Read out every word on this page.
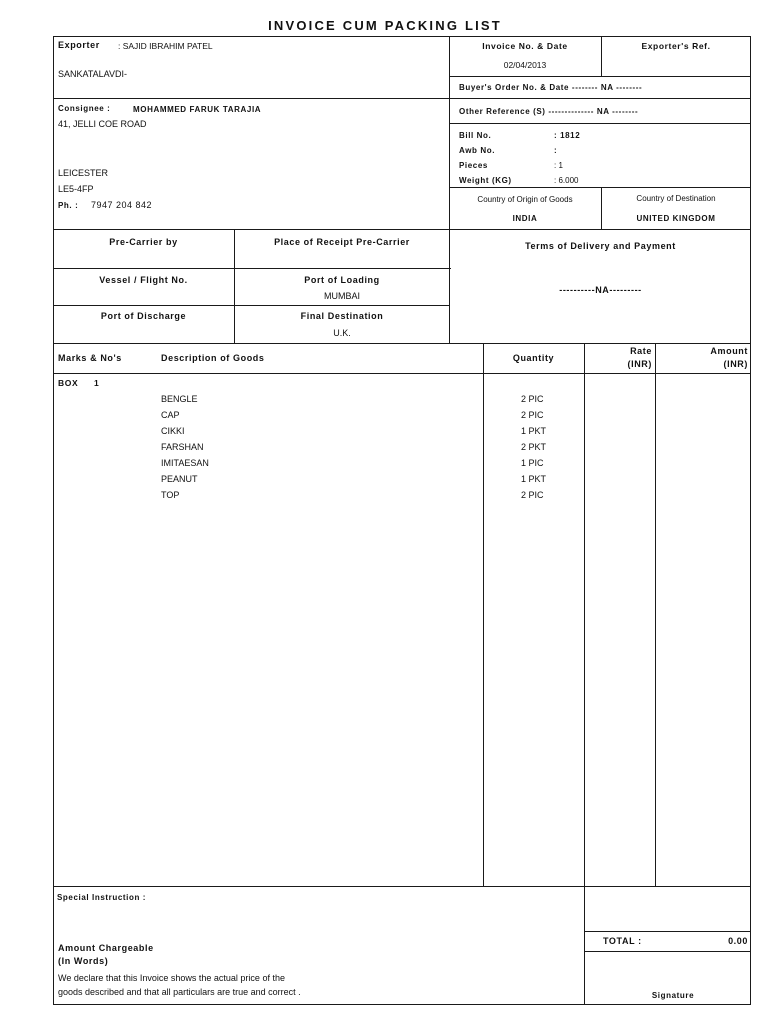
INVOICE CUM PACKING LIST
Exporter : SAJID IBRAHIM PATEL
SANKATALAVDI-
Invoice No. & Date
02/04/2013
Exporter's Ref.
Buyer's Order No. & Date -------- NA --------
Other Reference (S) -------------- NA --------
Consignee :	MOHAMMED FARUK TARAJIA
41, JELLI COE ROAD
LEICESTER
LE5-4FP
Ph. : 7947 204 842
Bill No.	: 1812
Awb No.	:
Pieces	: 1
Weight (KG)	: 6.000
Country of Origin of Goods
INDIA
Country of Destination
UNITED KINGDOM
Pre-Carrier by	Place of Receipt Pre-Carrier
Vessel / Flight No.	Port of Loading
MUMBAI
Port of Discharge	Final Destination
U.K.
Terms of Delivery and Payment
----------NA---------
Marks & No's	Description of Goods	Quantity
Rate
(INR)
Amount
(INR)
BOX 1
BENGLE	2 PIC
CAP	2 PIC
CIKKI	1 PKT
FARSHAN	2 PKT
IMITAESAN	1 PIC
PEANUT	1 PKT
TOP	2 PIC
Special Instruction :
Amount Chargeable
(In Words)
We declare that this Invoice shows the actual price of the
goods described and that all particulars are true and correct .
TOTAL :	0.00
Signature
